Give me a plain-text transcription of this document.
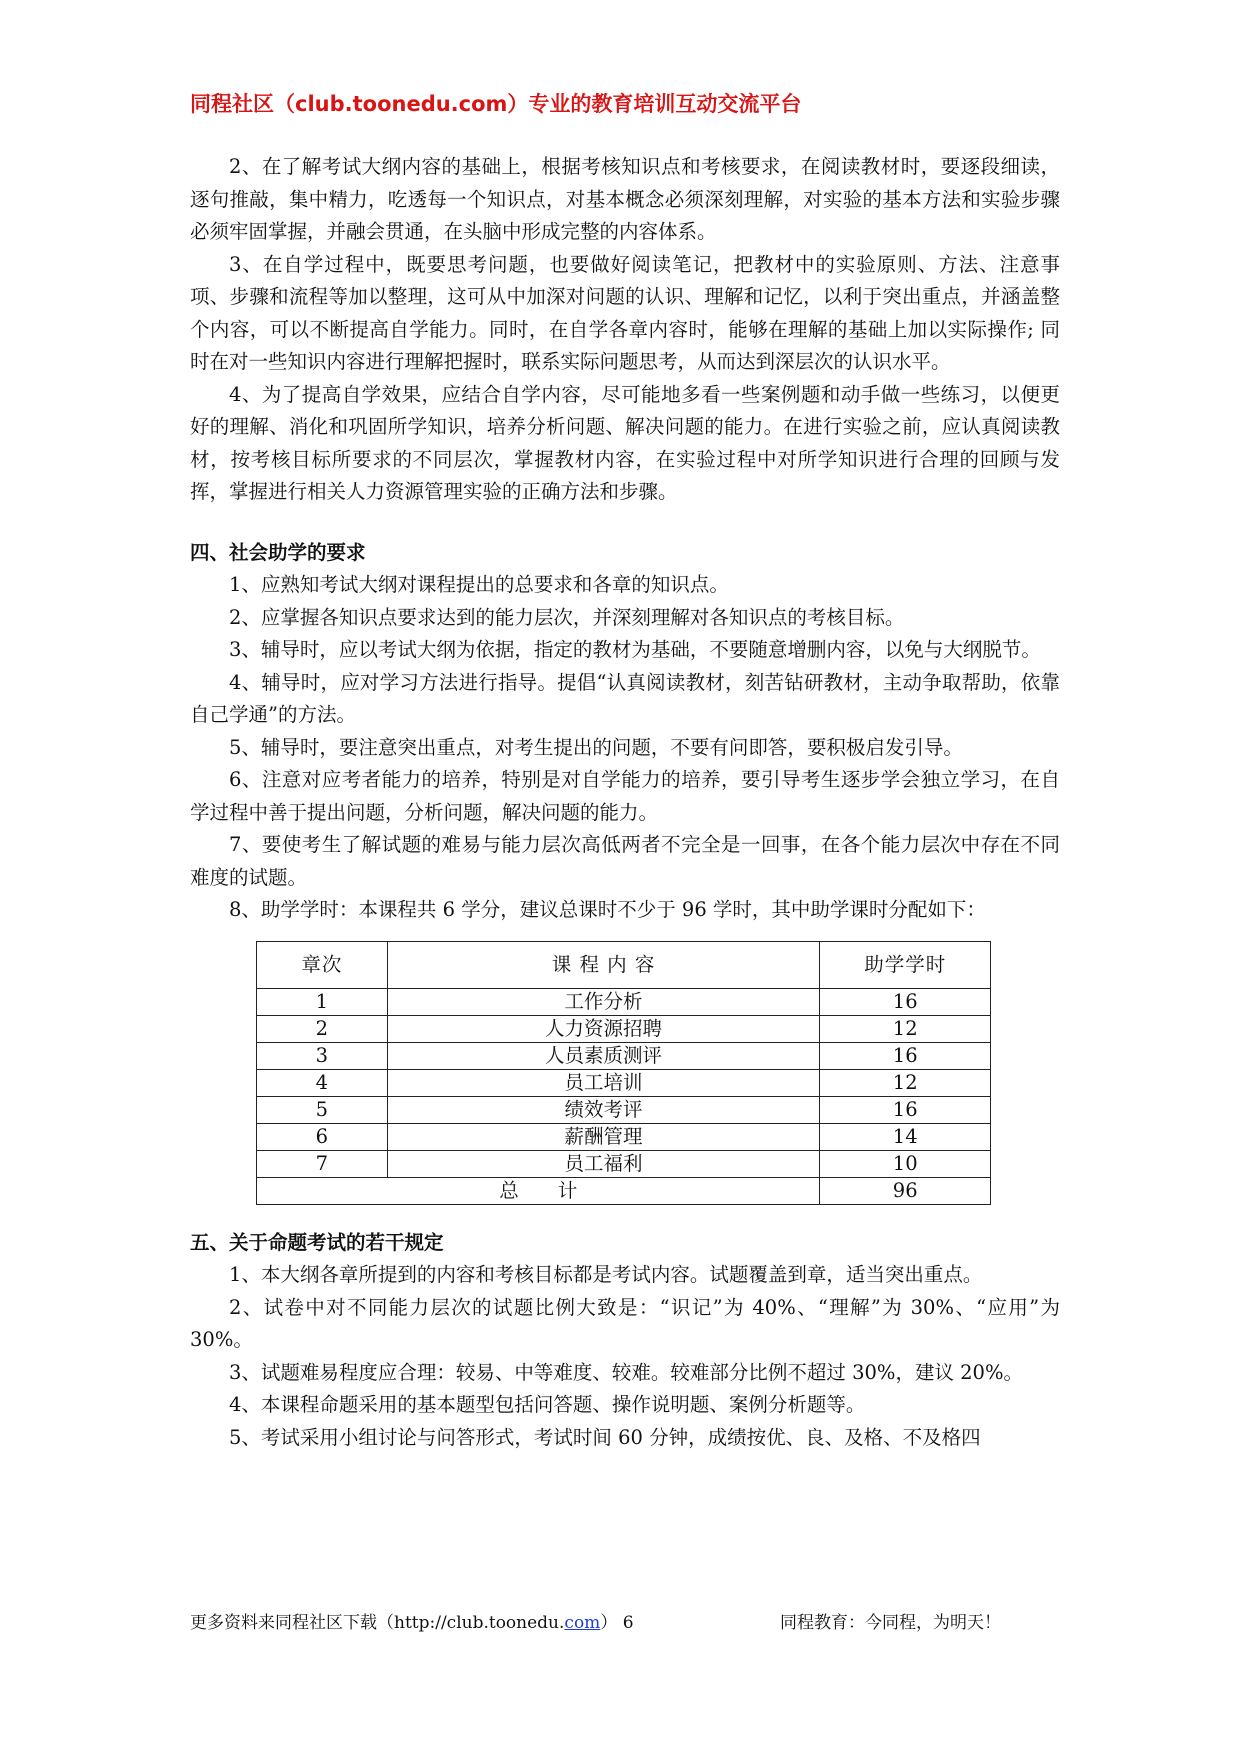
同程社区（club.toonedu.com）专业的教育培训互动交流平台

2、在了解考试大纲内容的基础上，根据考核知识点和考核要求，在阅读教材时，要逐段细读，逐句推敲，集中精力，吃透每一个知识点，对基本概念必须深刻理解，对实验的基本方法和实验步骤必须牢固掌握，并融会贯通，在头脑中形成完整的内容体系。

3、在自学过程中，既要思考问题，也要做好阅读笔记，把教材中的实验原则、方法、注意事项、步骤和流程等加以整理，这可从中加深对问题的认识、理解和记忆，以利于突出重点，并涵盖整个内容，可以不断提高自学能力。同时，在自学各章内容时，能够在理解的基础上加以实际操作; 同时在对一些知识内容进行理解把握时，联系实际问题思考，从而达到深层次的认识水平。

4、为了提高自学效果，应结合自学内容，尽可能地多看一些案例题和动手做一些练习，以便更好的理解、消化和巩固所学知识，培养分析问题、解决问题的能力。在进行实验之前，应认真阅读教材，按考核目标所要求的不同层次，掌握教材内容，在实验过程中对所学知识进行合理的回顾与发挥，掌握进行相关人力资源管理实验的正确方法和步骤。

四、社会助学的要求

1、应熟知考试大纲对课程提出的总要求和各章的知识点。

2、应掌握各知识点要求达到的能力层次，并深刻理解对各知识点的考核目标。

3、辅导时，应以考试大纲为依据，指定的教材为基础，不要随意增删内容，以免与大纲脱节。

4、辅导时，应对学习方法进行指导。提倡“认真阅读教材，刻苦钻研教材，主动争取帮助，依靠自己学通”的方法。

5、辅导时，要注意突出重点，对考生提出的问题，不要有问即答，要积极启发引导。

6、注意对应考者能力的培养，特别是对自学能力的培养，要引导考生逐步学会独立学习，在自学过程中善于提出问题，分析问题，解决问题的能力。

7、要使考生了解试题的难易与能力层次高低两者不完全是一回事，在各个能力层次中存在不同难度的试题。

8、助学学时：本课程共 6 学分，建议总课时不少于 96 学时，其中助学课时分配如下：

章次	课 程 内 容	助学学时
1	工作分析	16
2	人力资源招聘	12
3	人员素质测评	16
4	员工培训	12
5	绩效考评	16
6	薪酬管理	14
7	员工福利	10
总　　计		96

五、关于命题考试的若干规定

1、本大纲各章所提到的内容和考核目标都是考试内容。试题覆盖到章，适当突出重点。

2、试卷中对不同能力层次的试题比例大致是：“识记”为 40%、“理解”为 30%、“应用”为 30%。

3、试题难易程度应合理：较易、中等难度、较难。较难部分比例不超过 30%，建议 20%。

4、本课程命题采用的基本题型包括问答题、操作说明题、案例分析题等。

5、考试采用小组讨论与问答形式，考试时间 60 分钟，成绩按优、良、及格、不及格四

更多资料来同程社区下载（http://club.toonedu.com） 6	同程教育：今同程，为明天！
